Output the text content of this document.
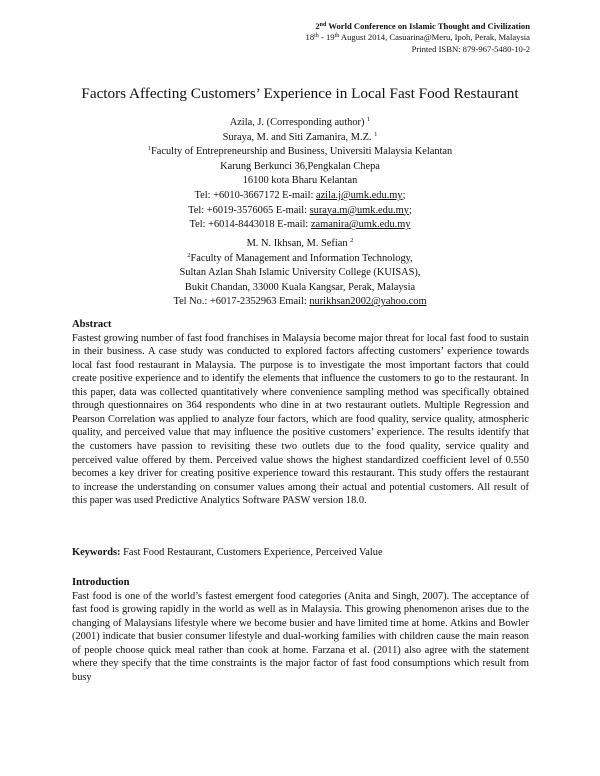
2nd World Conference on Islamic Thought and Civilization
18th - 19th August 2014, Casuarina@Meru, Ipoh, Perak, Malaysia
Printed ISBN: 879-967-5480-10-2
Factors Affecting Customers’ Experience in Local Fast Food Restaurant
Azila, J. (Corresponding author) $^1$
Suraya, M. and Siti Zamanira, M.Z. $^1$
$^1$Faculty of Entrepreneurship and Business, Universiti Malaysia Kelantan
Karung Berkunci 36,Pengkalan Chepa
16100 kota Bharu Kelantan
Tel: +6010-3667172 E-mail: azila.j@umk.edu.my;
Tel: +6019-3576065 E-mail: suraya.m@umk.edu.my;
Tel: +6014-8443018 E-mail: zamanira@umk.edu.my
M. N. Ikhsan, M. Sefian $^2$
$^2$Faculty of Management and Information Technology,
Sultan Azlan Shah Islamic University College (KUISAS),
Bukit Chandan, 33000 Kuala Kangsar, Perak, Malaysia
Tel No.: +6017-2352963 Email: nurikhsan2002@yahoo.com
Abstract

Fastest growing number of fast food franchises in Malaysia become major threat for local fast food to sustain in their business. A case study was conducted to explored factors affecting customers’ experience towards local fast food restaurant in Malaysia. The purpose is to investigate the most important factors that could create positive experience and to identify the elements that influence the customers to go to the restaurant. In this paper, data was collected quantitatively where convenience sampling method was specifically obtained through questionnaires on 364 respondents who dine in at two restaurant outlets. Multiple Regression and Pearson Correlation was applied to analyze four factors, which are food quality, service quality, atmospheric quality, and perceived value that may influence the positive customers’ experience. The results identify that the customers have passion to revisiting these two outlets due to the food quality, service quality and perceived value offered by them. Perceived value shows the highest standardized coefficient level of 0.550 becomes a key driver for creating positive experience toward this restaurant. This study offers the restaurant to increase the understanding on consumer values among their actual and potential customers. All result of this paper was used Predictive Analytics Software PASW version 18.0.

Keywords: Fast Food Restaurant, Customers Experience, Perceived Value

Introduction

Fast food is one of the world’s fastest emergent food categories (Anita and Singh, 2007). The acceptance of fast food is growing rapidly in the world as well as in Malaysia. This growing phenomenon arises due to the changing of Malaysians lifestyle where we become busier and have limited time at home. Atkins and Bowler (2001) indicate that busier consumer lifestyle and dual-working families with children cause the main reason of people choose quick meal rather than cook at home. Farzana et al. (2011) also agree with the statement where they specify that the time constraints is the major factor of fast food consumptions which result from busy
